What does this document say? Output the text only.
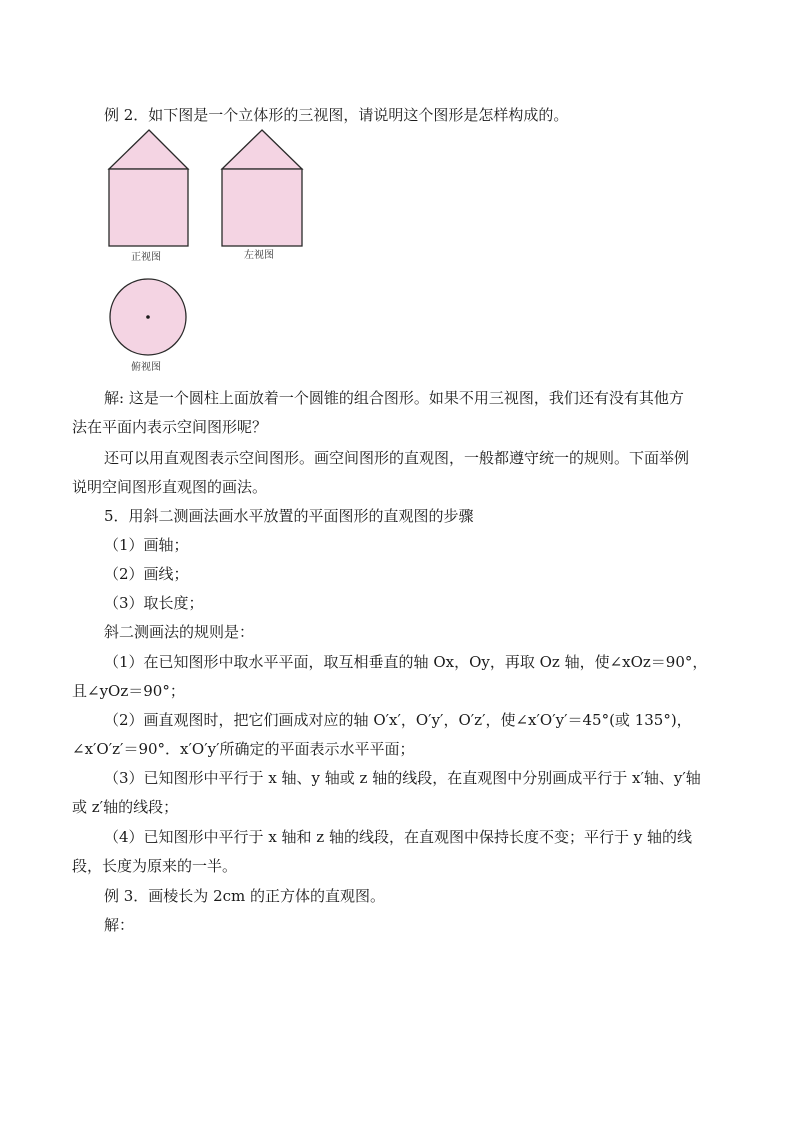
例 2．如下图是一个立体形的三视图，请说明这个图形是怎样构成的。
正视图	左视图
俯视图
解: 这是一个圆柱上面放着一个圆锥的组合图形。如果不用三视图，我们还有没有其他方
法在平面内表示空间图形呢？
还可以用直观图表示空间图形。画空间图形的直观图，一般都遵守统一的规则。下面举例
说明空间图形直观图的画法。
5．用斜二测画法画水平放置的平面图形的直观图的步骤
（1）画轴；
（2）画线；
（3）取长度；
斜二测画法的规则是：
（1）在已知图形中取水平平面，取互相垂直的轴 Ox，Oy，再取 Oz 轴，使∠xOz＝90°，
且∠yOz＝90°；
（2）画直观图时，把它们画成对应的轴 O′x′，O′y′，O′z′，使∠x′O′y′＝45°(或 135°)，
∠x′O′z′＝90°．x′O′y′所确定的平面表示水平平面；
（3）已知图形中平行于 x 轴、y 轴或 z 轴的线段，在直观图中分别画成平行于 x′轴、y′轴
或 z′轴的线段；
（4）已知图形中平行于 x 轴和 z 轴的线段，在直观图中保持长度不变；平行于 y 轴的线
段，长度为原来的一半。
例 3．画棱长为 2cm 的正方体的直观图。
解：
